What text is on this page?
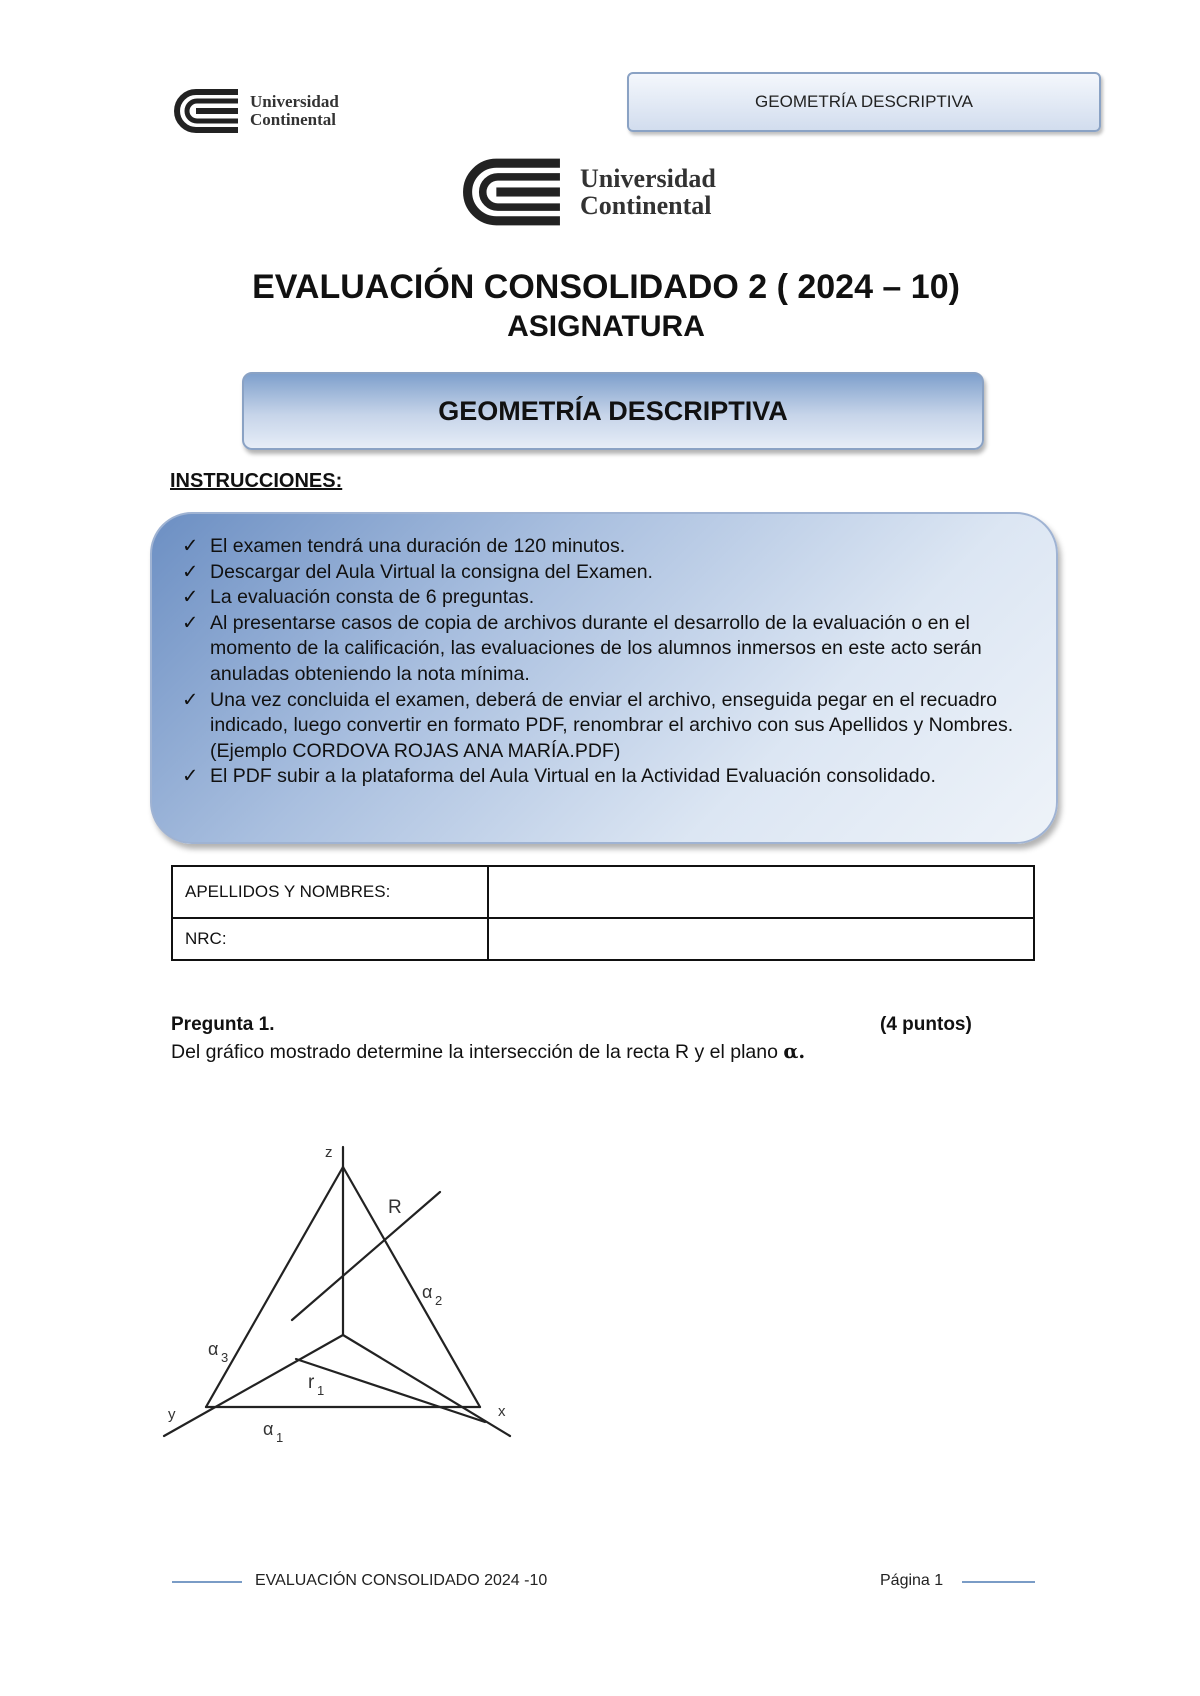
Universidad
Continental
GEOMETRÍA DESCRIPTIVA
Universidad
Continental
EVALUACIÓN CONSOLIDADO 2 ( 2024 – 10)
ASIGNATURA
GEOMETRÍA DESCRIPTIVA
INSTRUCCIONES:
✓ El examen tendrá una duración de 120 minutos.
✓ Descargar del Aula Virtual la consigna del Examen.
✓ La evaluación consta de 6 preguntas.
✓ Al presentarse casos de copia de archivos durante el desarrollo de la evaluación o en el momento de la calificación, las evaluaciones de los alumnos inmersos en este acto serán anuladas obteniendo la nota mínima.
✓ Una vez concluida el examen, deberá de enviar el archivo, enseguida pegar en el recuadro indicado, luego convertir en formato PDF, renombrar el archivo con sus Apellidos y Nombres. (Ejemplo CORDOVA ROJAS ANA MARÍA.PDF)
✓ El PDF subir a la plataforma del Aula Virtual en la Actividad Evaluación consolidado.
APELLIDOS Y NOMBRES:	
NRC:	
Pregunta 1.	(4 puntos)
Del gráfico mostrado determine la intersección de la recta R y el plano α.
z
x
y
R
α 2
α 3
α 1
r 1
EVALUACIÓN CONSOLIDADO 2024 -10	Página 1
